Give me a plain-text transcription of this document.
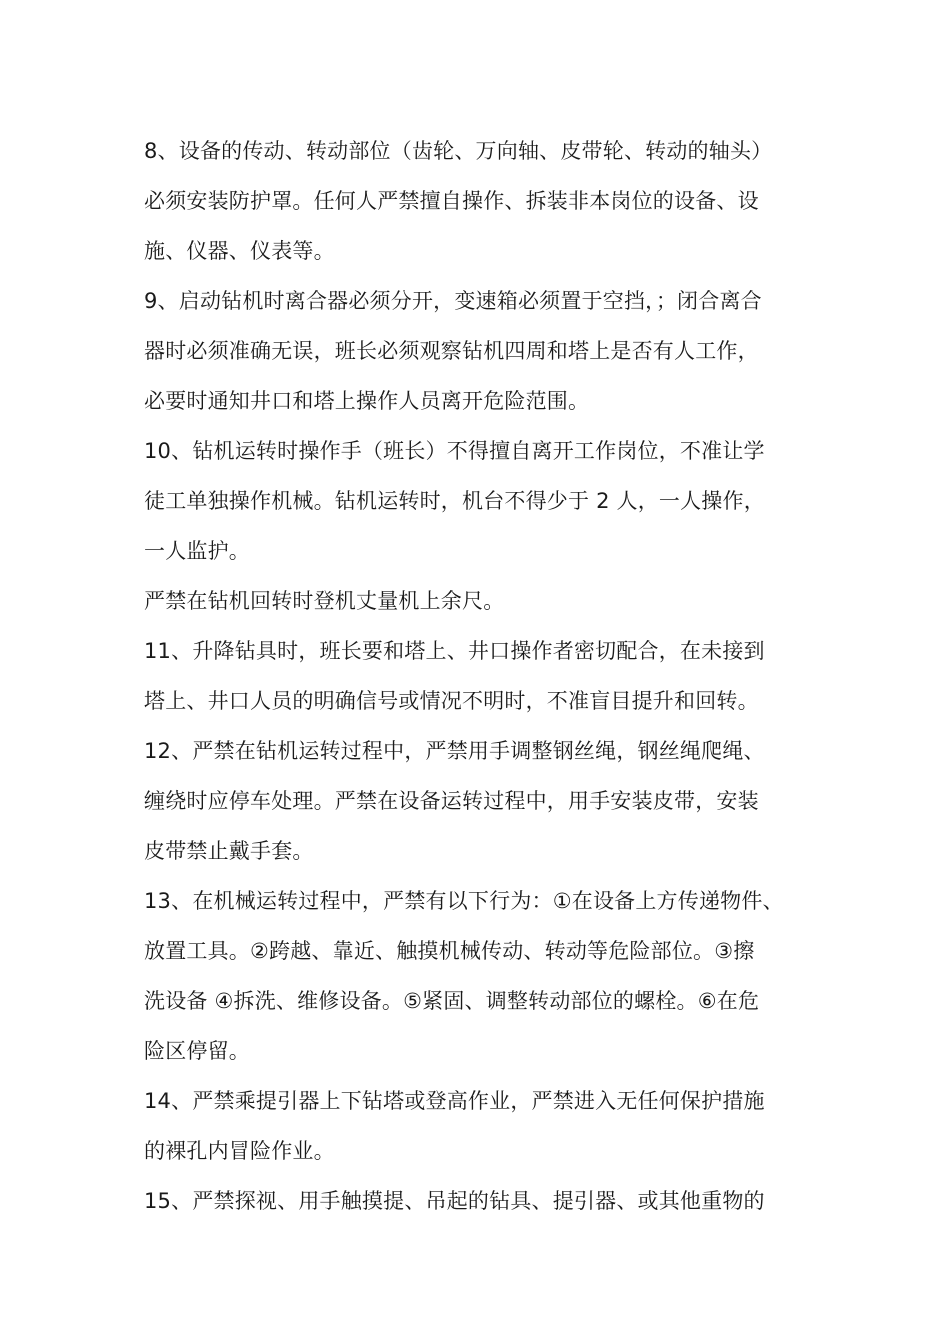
8、设备的传动、转动部位（齿轮、万向轴、皮带轮、转动的轴头）
必须安装防护罩。任何人严禁擅自操作、拆装非本岗位的设备、设
施、仪器、仪表等。
9、启动钻机时离合器必须分开，变速箱必须置于空挡，；闭合离合
器时必须准确无误，班长必须观察钻机四周和塔上是否有人工作，
必要时通知井口和塔上操作人员离开危险范围。
10、钻机运转时操作手（班长）不得擅自离开工作岗位，不准让学
徒工单独操作机械。钻机运转时，机台不得少于 2 人，一人操作，
一人监护。
严禁在钻机回转时登机丈量机上余尺。
11、升降钻具时，班长要和塔上、井口操作者密切配合，在未接到
塔上、井口人员的明确信号或情况不明时，不准盲目提升和回转。
12、严禁在钻机运转过程中，严禁用手调整钢丝绳，钢丝绳爬绳、
缠绕时应停车处理。严禁在设备运转过程中，用手安装皮带，安装
皮带禁止戴手套。
13、在机械运转过程中，严禁有以下行为：①在设备上方传递物件、
放置工具。②跨越、靠近、触摸机械传动、转动等危险部位。③擦
洗设备 ④拆洗、维修设备。⑤紧固、调整转动部位的螺栓。⑥在危
险区停留。
14、严禁乘提引器上下钻塔或登高作业，严禁进入无任何保护措施
的裸孔内冒险作业。
15、严禁探视、用手触摸提、吊起的钻具、提引器、或其他重物的
